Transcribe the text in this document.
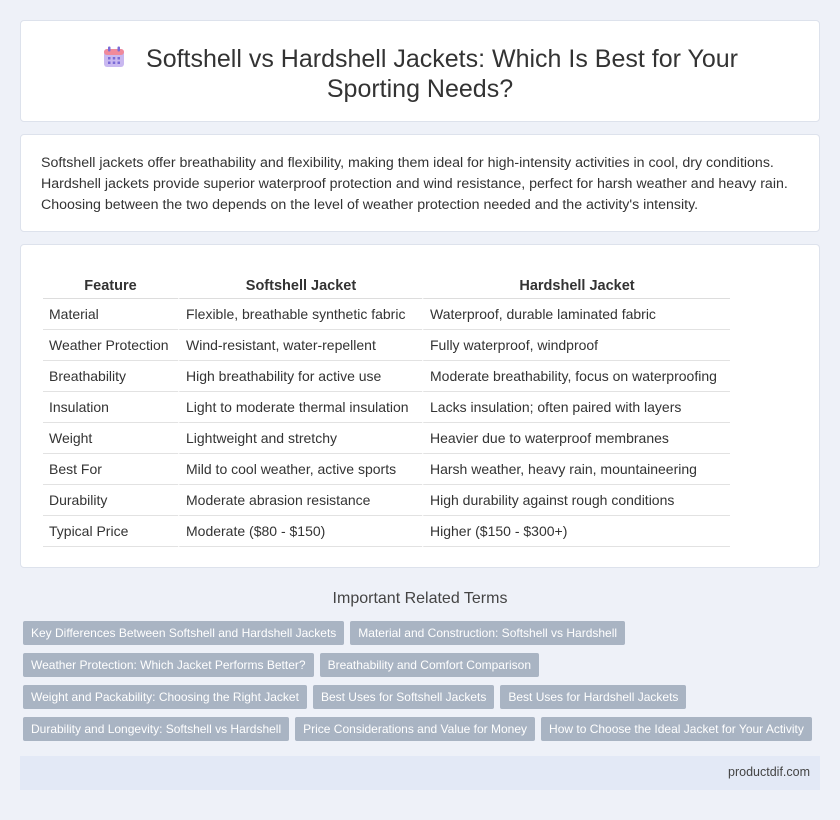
Softshell vs Hardshell Jackets: Which Is Best for Your Sporting Needs?

Softshell jackets offer breathability and flexibility, making them ideal for high-intensity activities in cool, dry conditions. Hardshell jackets provide superior waterproof protection and wind resistance, perfect for harsh weather and heavy rain. Choosing between the two depends on the level of weather protection needed and the activity's intensity.

Feature	Softshell Jacket	Hardshell Jacket
Material	Flexible, breathable synthetic fabric	Waterproof, durable laminated fabric
Weather Protection	Wind-resistant, water-repellent	Fully waterproof, windproof
Breathability	High breathability for active use	Moderate breathability, focus on waterproofing
Insulation	Light to moderate thermal insulation	Lacks insulation; often paired with layers
Weight	Lightweight and stretchy	Heavier due to waterproof membranes
Best For	Mild to cool weather, active sports	Harsh weather, heavy rain, mountaineering
Durability	Moderate abrasion resistance	High durability against rough conditions
Typical Price	Moderate ($80 - $150)	Higher ($150 - $300+)
Important Related Terms
Key Differences Between Softshell and Hardshell Jackets Material and Construction: Softshell vs Hardshell
Weather Protection: Which Jacket Performs Better? Breathability and Comfort Comparison
Weight and Packability: Choosing the Right Jacket Best Uses for Softshell Jackets Best Uses for Hardshell Jackets
Durability and Longevity: Softshell vs Hardshell Price Considerations and Value for Money How to Choose the Ideal Jacket for Your Activity
productdif.com
